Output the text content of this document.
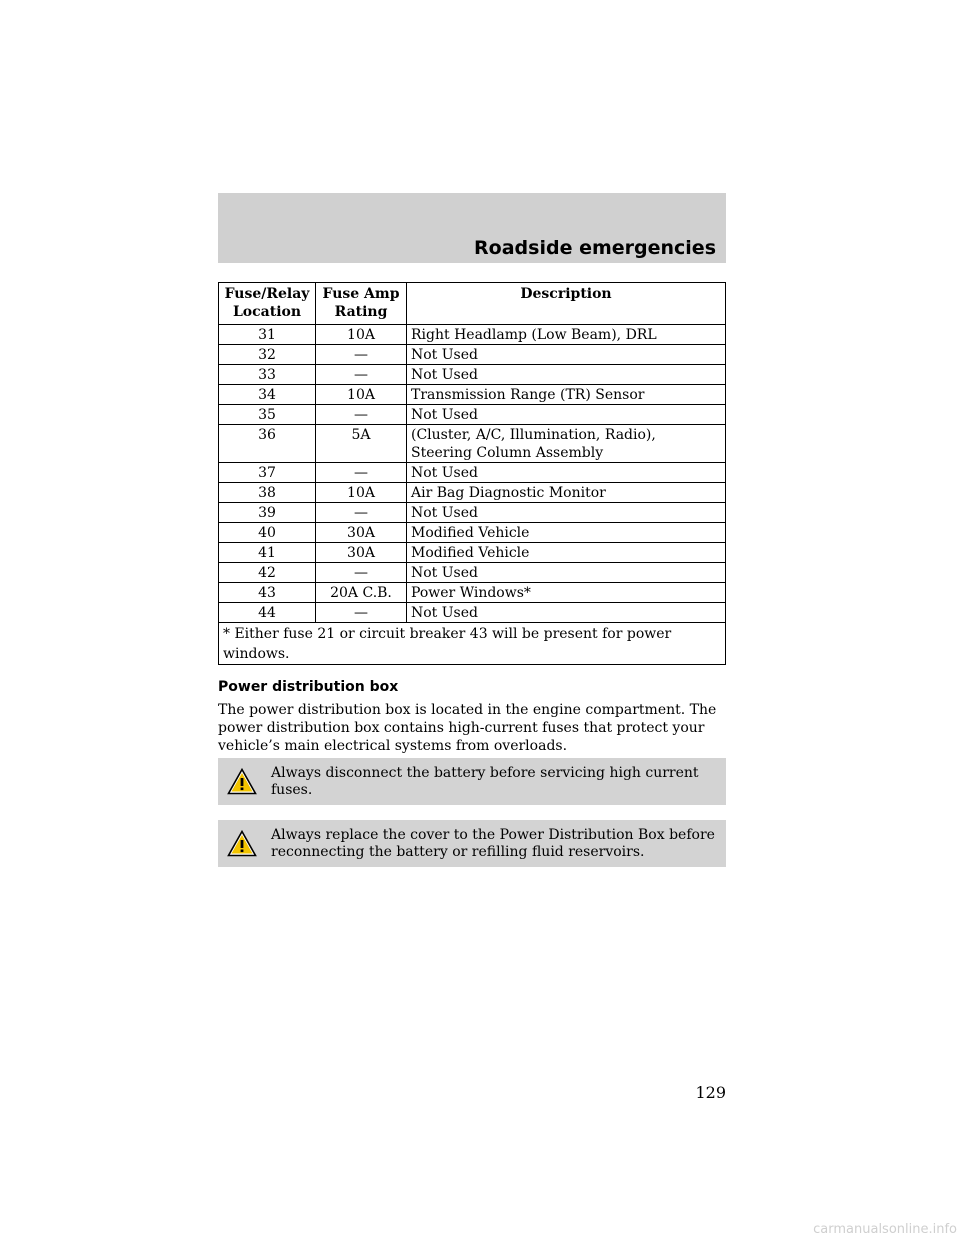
Roadside emergencies
Fuse/Relay Location	Fuse Amp Rating	Description
31	10A	Right Headlamp (Low Beam), DRL
32	—	Not Used
33	—	Not Used
34	10A	Transmission Range (TR) Sensor
35	—	Not Used
36	5A	(Cluster, A/C, Illumination, Radio), Steering Column Assembly
37	—	Not Used
38	10A	Air Bag Diagnostic Monitor
39	—	Not Used
40	30A	Modified Vehicle
41	30A	Modified Vehicle
42	—	Not Used
43	20A C.B.	Power Windows*
44	—	Not Used
* Either fuse 21 or circuit breaker 43 will be present for power windows.		
Power distribution box
The power distribution box is located in the engine compartment. The power distribution box contains high-current fuses that protect your vehicle’s main electrical systems from overloads.
Always disconnect the battery before servicing high current fuses.
Always replace the cover to the Power Distribution Box before reconnecting the battery or refilling fluid reservoirs.
129
carmanualsonline.info
